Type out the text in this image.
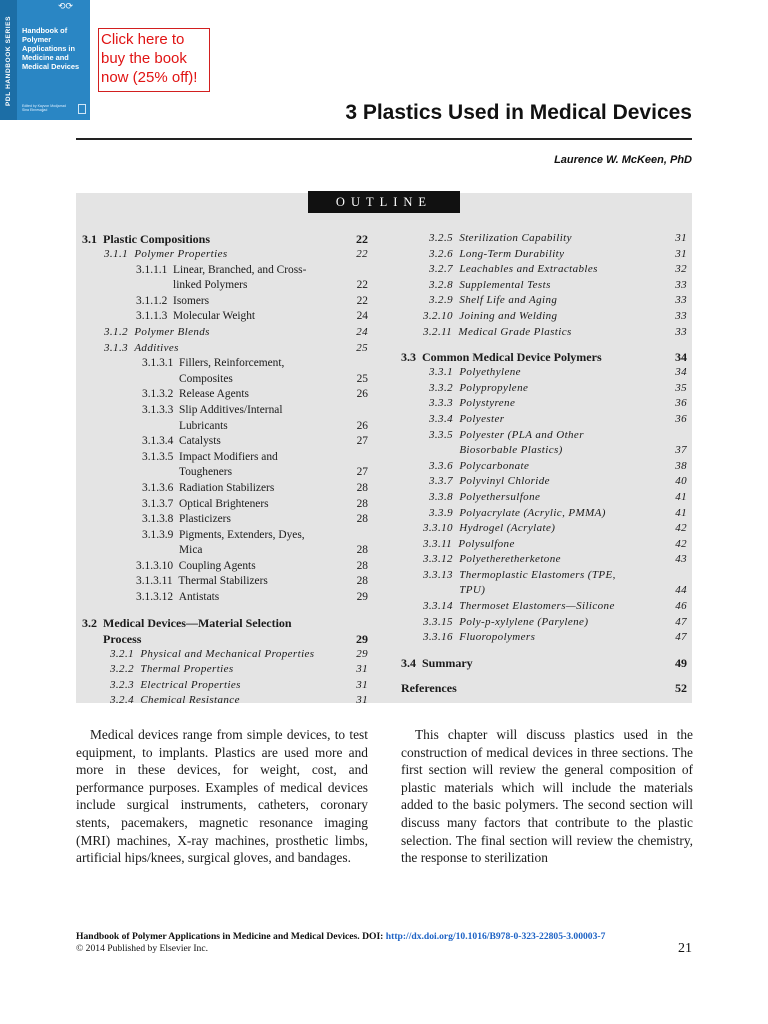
PDL HANDBOOK SERIES
⟲⟳
Handbook of Polymer Applications in Medicine and Medical Devices
Edited by Kayvon Modjarrad Sina Ebnesajjad
Click here to buy the book now (25% off)!
3 Plastics Used in Medical Devices
Laurence W. McKeen, PhD
OUTLINE
3.1 Plastic Compositions	22
3.1.1 Polymer Properties	22
3.1.1.1 Linear, Branched, and Cross-linked Polymers	22
3.1.1.2 Isomers	22
3.1.1.3 Molecular Weight	24
3.1.2 Polymer Blends	24
3.1.3 Additives	25
3.1.3.1 Fillers, Reinforcement, Composites	25
3.1.3.2 Release Agents	26
3.1.3.3 Slip Additives/Internal Lubricants	26
3.1.3.4 Catalysts	27
3.1.3.5 Impact Modifiers and Tougheners	27
3.1.3.6 Radiation Stabilizers	28
3.1.3.7 Optical Brighteners	28
3.1.3.8 Plasticizers	28
3.1.3.9 Pigments, Extenders, Dyes, Mica	28
3.1.3.10 Coupling Agents	28
3.1.3.11 Thermal Stabilizers	28
3.1.3.12 Antistats	29
3.2 Medical Devices—Material Selection Process	29
3.2.1 Physical and Mechanical Properties	29
3.2.2 Thermal Properties	31
3.2.3 Electrical Properties	31
3.2.4 Chemical Resistance	31
3.2.5 Sterilization Capability	31
3.2.6 Long-Term Durability	31
3.2.7 Leachables and Extractables	32
3.2.8 Supplemental Tests	33
3.2.9 Shelf Life and Aging	33
3.2.10 Joining and Welding	33
3.2.11 Medical Grade Plastics	33
3.3 Common Medical Device Polymers	34
3.3.1 Polyethylene	34
3.3.2 Polypropylene	35
3.3.3 Polystyrene	36
3.3.4 Polyester	36
3.3.5 Polyester (PLA and Other Biosorbable Plastics)	37
3.3.6 Polycarbonate	38
3.3.7 Polyvinyl Chloride	40
3.3.8 Polyethersulfone	41
3.3.9 Polyacrylate (Acrylic, PMMA)	41
3.3.10 Hydrogel (Acrylate)	42
3.3.11 Polysulfone	42
3.3.12 Polyetheretherketone	43
3.3.13 Thermoplastic Elastomers (TPE, TPU)	44
3.3.14 Thermoset Elastomers—Silicone	46
3.3.15 Poly-p-xylylene (Parylene)	47
3.3.16 Fluoropolymers	47
3.4 Summary	49
References	52

Medical devices range from simple devices, to test equipment, to implants. Plastics are used more and more in these devices, for weight, cost, and performance purposes. Examples of medical devices include surgical instruments, catheters, coronary stents, pacemakers, magnetic resonance imaging (MRI) machines, X-ray machines, prosthetic limbs, artificial hips/knees, surgical gloves, and bandages.

This chapter will discuss plastics used in the construction of medical devices in three sections. The first section will review the general composition of plastic materials which will include the materials added to the basic polymers. The second section will discuss many factors that contribute to the plastic selection. The final section will review the chemistry, the response to sterilization

Handbook of Polymer Applications in Medicine and Medical Devices. DOI: http://dx.doi.org/10.1016/B978-0-323-22805-3.00003-7
© 2014 Published by Elsevier Inc.	21
